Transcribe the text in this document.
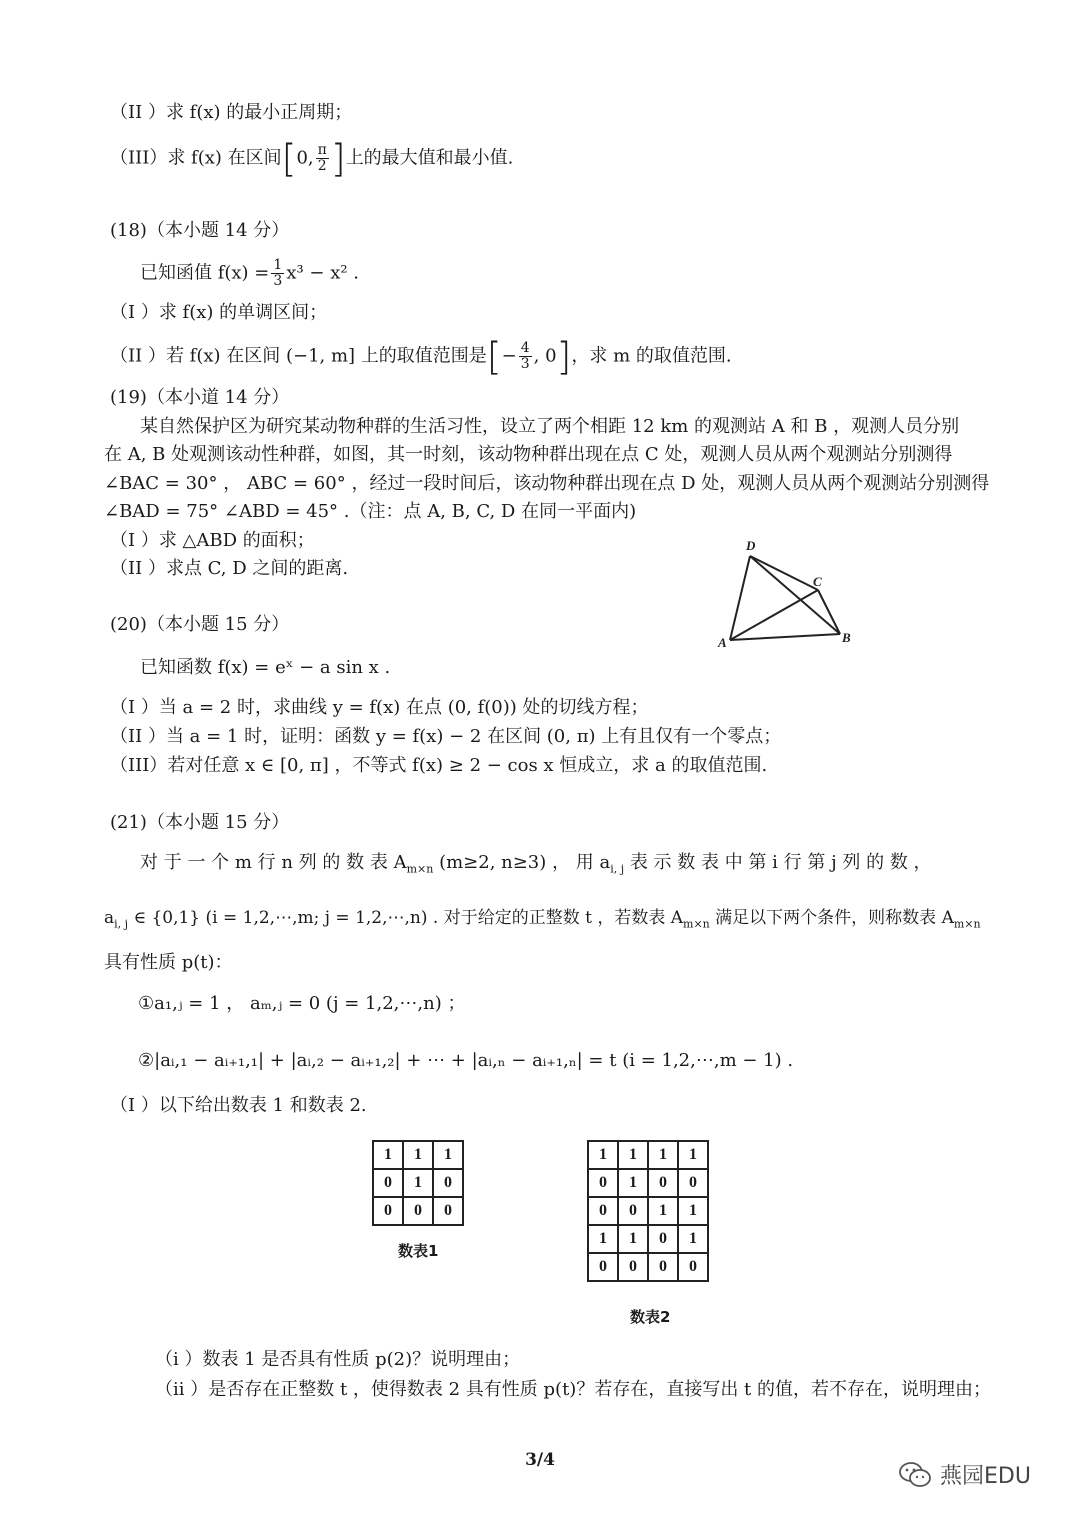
（II ）求 f(x) 的最小正周期；
（III）求 f(x) 在区间[0, $\frac{\pi}{2}$ ]上的最大值和最小值.
(18)（本小题 14 分）
已知函值 $f(x) = \frac{1}{3} x^3 - x^2$ .
（I ）求 f(x) 的单调区间；
（II ）若 f(x) 在区间 (−1, m] 上的取值范围是[− $\frac{4}{3}$ , 0]，求 m 的取值范围.
(19)（本小道 14 分）
某自然保护区为研究某动物种群的生活习性，设立了两个相距 12 km 的观测站 A 和 B ，观测人员分别
在 A, B 处观测该动性种群，如图，其一时刻，该动物种群出现在点 C 处，观测人员从两个观测站分别测得
∠BAC = 30° ， ABC = 60° ，经过一段时间后，该动物种群出现在点 D 处，观测人员从两个观测站分别测得
∠BAD = 75° ∠ABD = 45° .（注：点 A, B, C, D 在同一平面内)
（I ）求 △ABD 的面积；
（II ）求点 C, D 之间的距离.
D
C
A	B
(20)（本小题 15 分）
已知函数 f(x) = eˣ − a sin x .
（I ）当 a = 2 时，求曲线 y = f(x) 在点 (0, f(0)) 处的切线方程；
（II ）当 a = 1 时，证明：函数 y = f(x) − 2 在区间 (0, π) 上有且仅有一个零点；
（III）若对任意 x ∈ [0, π] ，不等式 f(x) ≥ 2 − cos x 恒成立，求 a 的取值范围.
(21)（本小题 15 分）
对 于 一 个 m 行 n 列 的 数 表 $A_{m\times n}$ (m≥2, n≥3) ， 用 $a_{i, j}$ 表 示 数 表 中 第 i 行 第 j 列 的 数 ，
$a_{i, j}$ ∈ {0,1} (i = 1,2,⋯,m; j = 1,2,⋯,n) . 对于给定的正整数 t ，若数表 $A_{m\times n}$ 满足以下两个条件，则称数表 $A_{m\times n}$
具有性质 p(t)：
①a₁,ⱼ = 1 ， aₘ,ⱼ = 0 (j = 1,2,⋯,n) ；
②|aᵢ,₁ − aᵢ₊₁,₁| + |aᵢ,₂ − aᵢ₊₁,₂| + ⋯ + |aᵢ,ₙ − aᵢ₊₁,ₙ| = t (i = 1,2,⋯,m − 1) .
（I ）以下给出数表 1 和数表 2.
1	1	1
0	1	0
0	0	0
数表1
1	1	1	1
0	1	0	0
0	0	1	1
1	1	0	1
0	0	0	0
数表2
（i ）数表 1 是否具有性质 p(2)？说明理由；
（ii ）是否存在正整数 t ，使得数表 2 具有性质 p(t)？若存在，直接写出 t 的值，若不存在，说明理由；
3/4
燕园EDU
